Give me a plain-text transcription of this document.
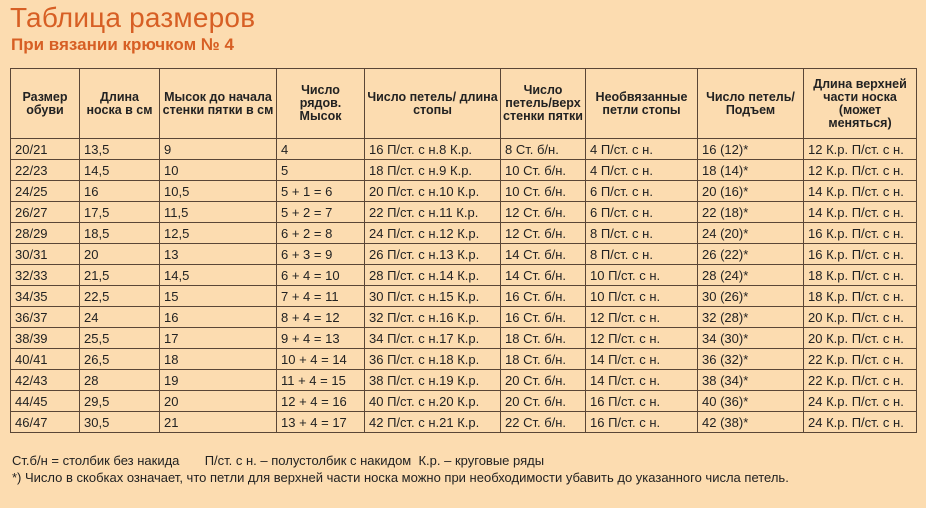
Таблица размеров
При вязании крючком № 4
Размер обуви	Длина носка в см	Мысок до начала стенки пятки в см	Число рядов. Мысок	Число петель/ длина стопы	Число петель/верх стенки пятки	Необвязанные петли стопы	Число петель/ Подъем	Длина верхней части носка (может меняться)
20/21	13,5	9	4	16 П/ст. с н.8 К.р.	8 Ст. б/н.	4 П/ст. с н.	16 (12)*	12 К.р. П/ст. с н.
22/23	14,5	10	5	18 П/ст. с н.9 К.р.	10 Ст. б/н.	4 П/ст. с н.	18 (14)*	12 К.р. П/ст. с н.
24/25	16	10,5	5 + 1 = 6	20 П/ст. с н.10 К.р.	10 Ст. б/н.	6 П/ст. с н.	20 (16)*	14 К.р. П/ст. с н.
26/27	17,5	11,5	5 + 2 = 7	22 П/ст. с н.11 К.р.	12 Ст. б/н.	6 П/ст. с н.	22 (18)*	14 К.р. П/ст. с н.
28/29	18,5	12,5	6 + 2 = 8	24 П/ст. с н.12 К.р.	12 Ст. б/н.	8 П/ст. с н.	24 (20)*	16 К.р. П/ст. с н.
30/31	20	13	6 + 3 = 9	26 П/ст. с н.13 К.р.	14 Ст. б/н.	8 П/ст. с н.	26 (22)*	16 К.р. П/ст. с н.
32/33	21,5	14,5	6 + 4 = 10	28 П/ст. с н.14 К.р.	14 Ст. б/н.	10 П/ст. с н.	28 (24)*	18 К.р. П/ст. с н.
34/35	22,5	15	7 + 4 = 11	30 П/ст. с н.15 К.р.	16 Ст. б/н.	10 П/ст. с н.	30 (26)*	18 К.р. П/ст. с н.
36/37	24	16	8 + 4 = 12	32 П/ст. с н.16 К.р.	16 Ст. б/н.	12 П/ст. с н.	32 (28)*	20 К.р. П/ст. с н.
38/39	25,5	17	9 + 4 = 13	34 П/ст. с н.17 К.р.	18 Ст. б/н.	12 П/ст. с н.	34 (30)*	20 К.р. П/ст. с н.
40/41	26,5	18	10 + 4 = 14	36 П/ст. с н.18 К.р.	18 Ст. б/н.	14 П/ст. с н.	36 (32)*	22 К.р. П/ст. с н.
42/43	28	19	11 + 4 = 15	38 П/ст. с н.19 К.р.	20 Ст. б/н.	14 П/ст. с н.	38 (34)*	22 К.р. П/ст. с н.
44/45	29,5	20	12 + 4 = 16	40 П/ст. с н.20 К.р.	20 Ст. б/н.	16 П/ст. с н.	40 (36)*	24 К.р. П/ст. с н.
46/47	30,5	21	13 + 4 = 17	42 П/ст. с н.21 К.р.	22 Ст. б/н.	16 П/ст. с н.	42 (38)*	24 К.р. П/ст. с н.
Ст.б/н = столбик без накида П/ст. с н. – полустолбик с накидом К.р. – круговые ряды
*) Число в скобках означает, что петли для верхней части носка можно при необходимости убавить до указанного числа петель.
